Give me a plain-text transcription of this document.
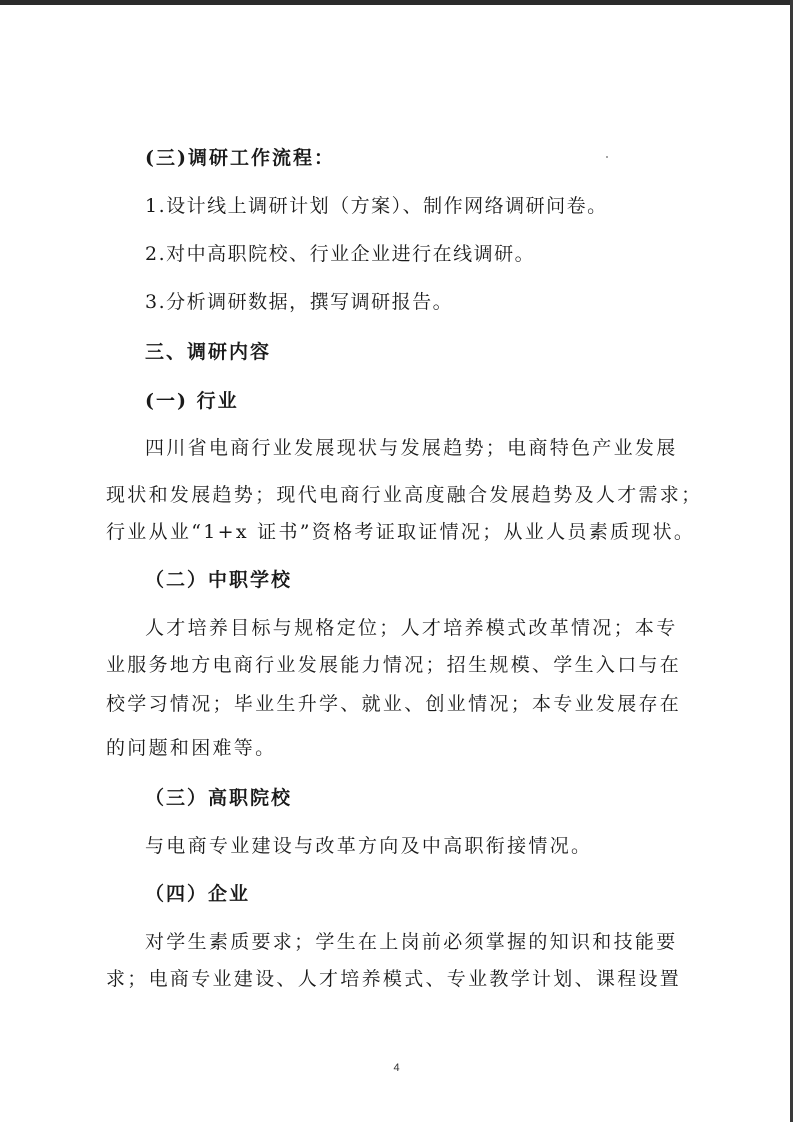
(三)调研工作流程：

1.设计线上调研计划（方案）、制作网络调研问卷。

2.对中高职院校、行业企业进行在线调研。

3.分析调研数据，撰写调研报告。

三、调研内容

(一) 行业

四川省电商行业发展现状与发展趋势；电商特色产业发展

现状和发展趋势；现代电商行业高度融合发展趋势及人才需求；

行业从业“1+x 证书”资格考证取证情况；从业人员素质现状。

（二）中职学校

人才培养目标与规格定位；人才培养模式改革情况；本专

业服务地方电商行业发展能力情况；招生规模、学生入口与在

校学习情况；毕业生升学、就业、创业情况；本专业发展存在

的问题和困难等。

（三）高职院校

与电商专业建设与改革方向及中高职衔接情况。

（四）企业

对学生素质要求；学生在上岗前必须掌握的知识和技能要

求；电商专业建设、人才培养模式、专业教学计划、课程设置

4
